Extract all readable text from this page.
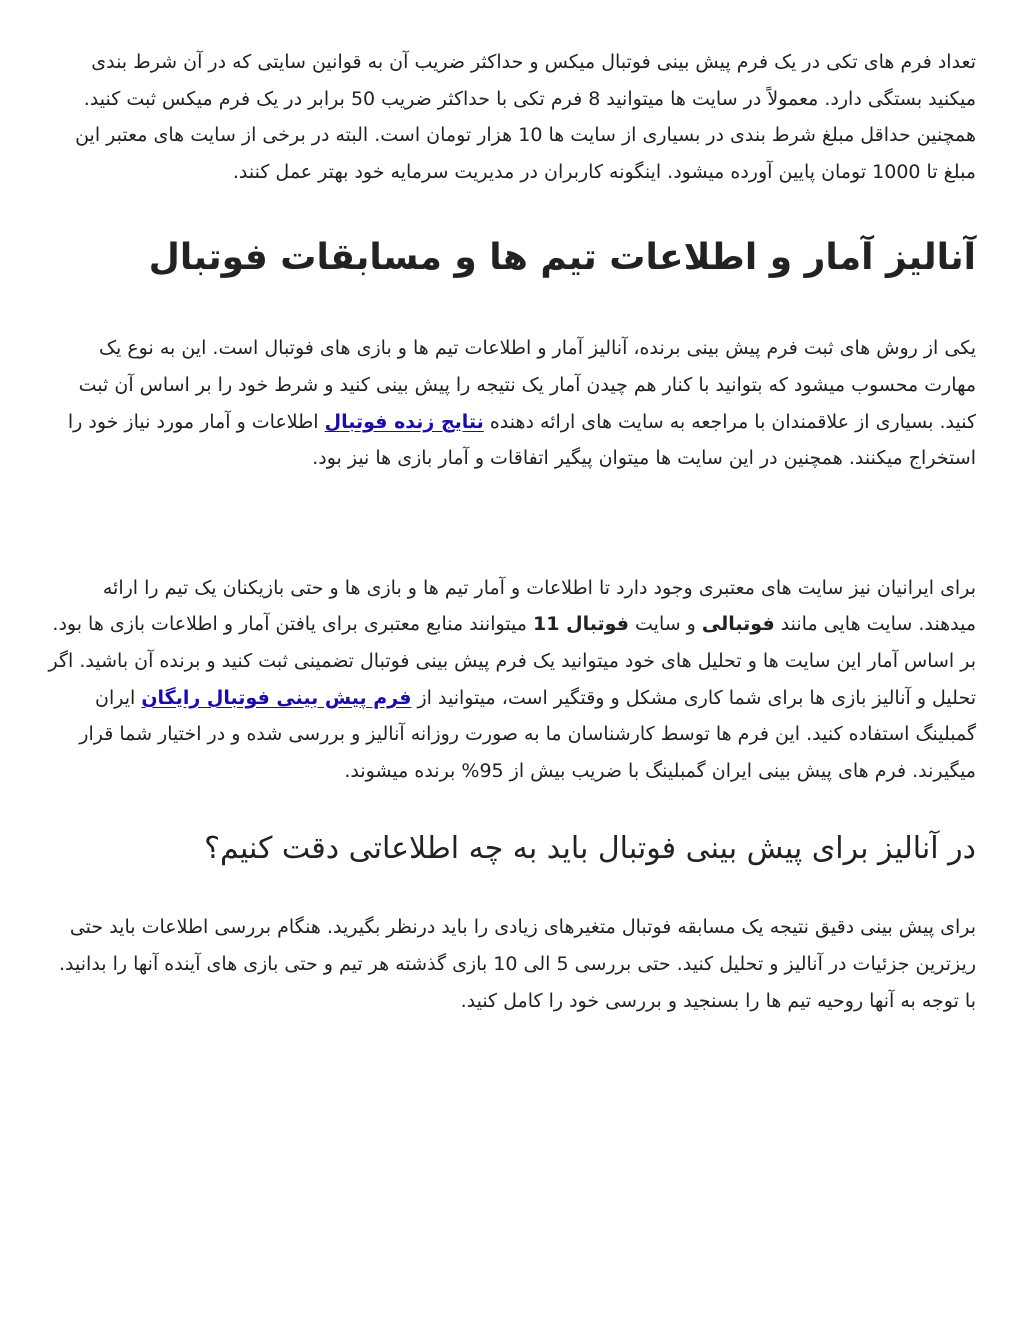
تعداد فرم های تکی در یک فرم پیش بینی فوتبال میکس و حداکثر ضریب آن به قوانین سایتی که در آن شرط بندی میکنید بستگی دارد. معمولاً در سایت ها میتوانید 8 فرم تکی با حداکثر ضریب 50 برابر در یک فرم میکس ثبت کنید. همچنین حداقل مبلغ شرط بندی در بسیاری از سایت ها 10 هزار تومان است. البته در برخی از سایت های معتبر این مبلغ تا 1000 تومان پایین آورده میشود. اینگونه کاربران در مدیریت سرمایه خود بهتر عمل کنند.

آنالیز آمار و اطلاعات تیم ها و مسابقات فوتبال

یکی از روش های ثبت فرم پیش بینی برنده، آنالیز آمار و اطلاعات تیم ها و بازی های فوتبال است. این به نوع یک مهارت محسوب میشود که بتوانید با کنار هم چیدن آمار یک نتیجه را پیش بینی کنید و شرط خود را بر اساس آن ثبت کنید. بسیاری از علاقمندان با مراجعه به سایت های ارائه دهنده نتایج زنده فوتبال اطلاعات و آمار مورد نیاز خود را استخراج میکنند. همچنین در این سایت ها میتوان پیگیر اتفاقات و آمار بازی ها نیز بود.

برای ایرانیان نیز سایت های معتبری وجود دارد تا اطلاعات و آمار تیم ها و بازی ها و حتی بازیکنان یک تیم را ارائه میدهند. سایت هایی مانند فوتبالی و سایت فوتبال 11 میتوانند منابع معتبری برای یافتن آمار و اطلاعات بازی ها بود. بر اساس آمار این سایت ها و تحلیل های خود میتوانید یک فرم پیش بینی فوتبال تضمینی ثبت کنید و برنده آن باشید. اگر تحلیل و آنالیز بازی ها برای شما کاری مشکل و وقتگیر است، میتوانید از فرم پیش بینی فوتبال رایگان ایران گمبلینگ استفاده کنید. این فرم ها توسط کارشناسان ما به صورت روزانه آنالیز و بررسی شده و در اختیار شما قرار میگیرند. فرم های پیش بینی ایران گمبلینگ با ضریب بیش از 95% برنده میشوند.

در آنالیز برای پیش بینی فوتبال باید به چه اطلاعاتی دقت کنیم؟

برای پیش بینی دقیق نتیجه یک مسابقه فوتبال متغیرهای زیادی را باید درنظر بگیرید. هنگام بررسی اطلاعات باید حتی ریزترین جزئیات در آنالیز و تحلیل کنید. حتی بررسی 5 الی 10 بازی گذشته هر تیم و حتی بازی های آینده آنها را بدانید. با توجه به آنها روحیه تیم ها را بسنجید و بررسی خود را کامل کنید.
